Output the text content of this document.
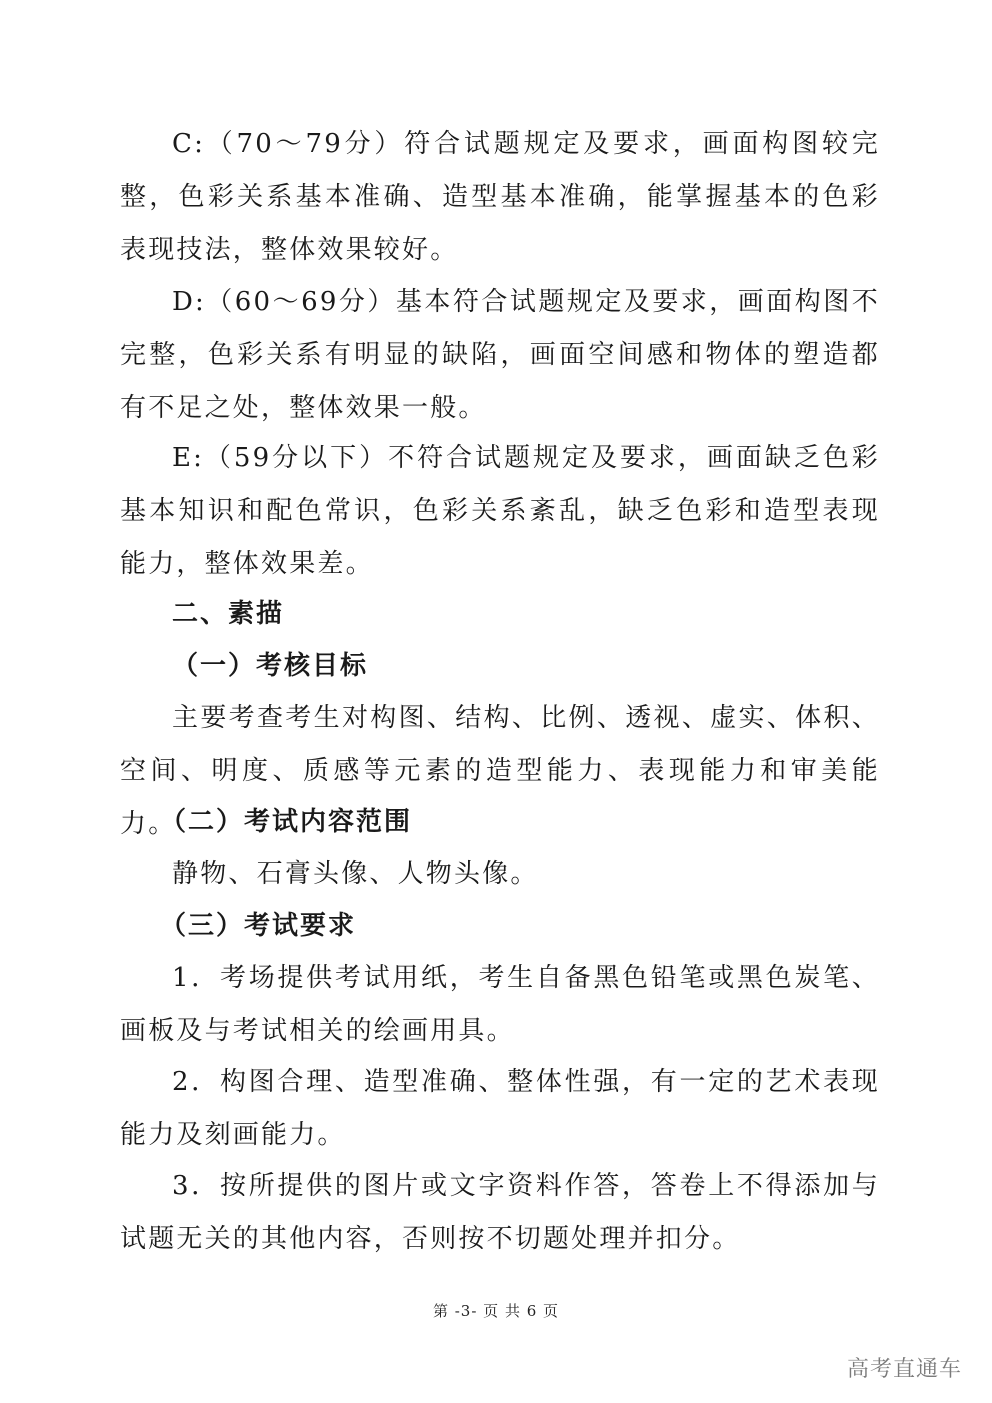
C:（70～79分）符合试题规定及要求，画面构图较完整，色彩关系基本准确、造型基本准确，能掌握基本的色彩表现技法，整体效果较好。

D:（60～69分）基本符合试题规定及要求，画面构图不完整，色彩关系有明显的缺陷，画面空间感和物体的塑造都有不足之处，整体效果一般。

E:（59分以下）不符合试题规定及要求，画面缺乏色彩基本知识和配色常识，色彩关系紊乱，缺乏色彩和造型表现能力，整体效果差。

二、素描
（一）考核目标

主要考查考生对构图、结构、比例、透视、虚实、体积、空间、明度、质感等元素的造型能力、表现能力和审美能力。

（二）考试内容范围

静物、石膏头像、人物头像。

（三）考试要求

1．考场提供考试用纸，考生自备黑色铅笔或黑色炭笔、画板及与考试相关的绘画用具。

2．构图合理、造型准确、整体性强，有一定的艺术表现能力及刻画能力。

3．按所提供的图片或文字资料作答，答卷上不得添加与试题无关的其他内容，否则按不切题处理并扣分。

第 -3- 页 共 6 页
高考直通车
